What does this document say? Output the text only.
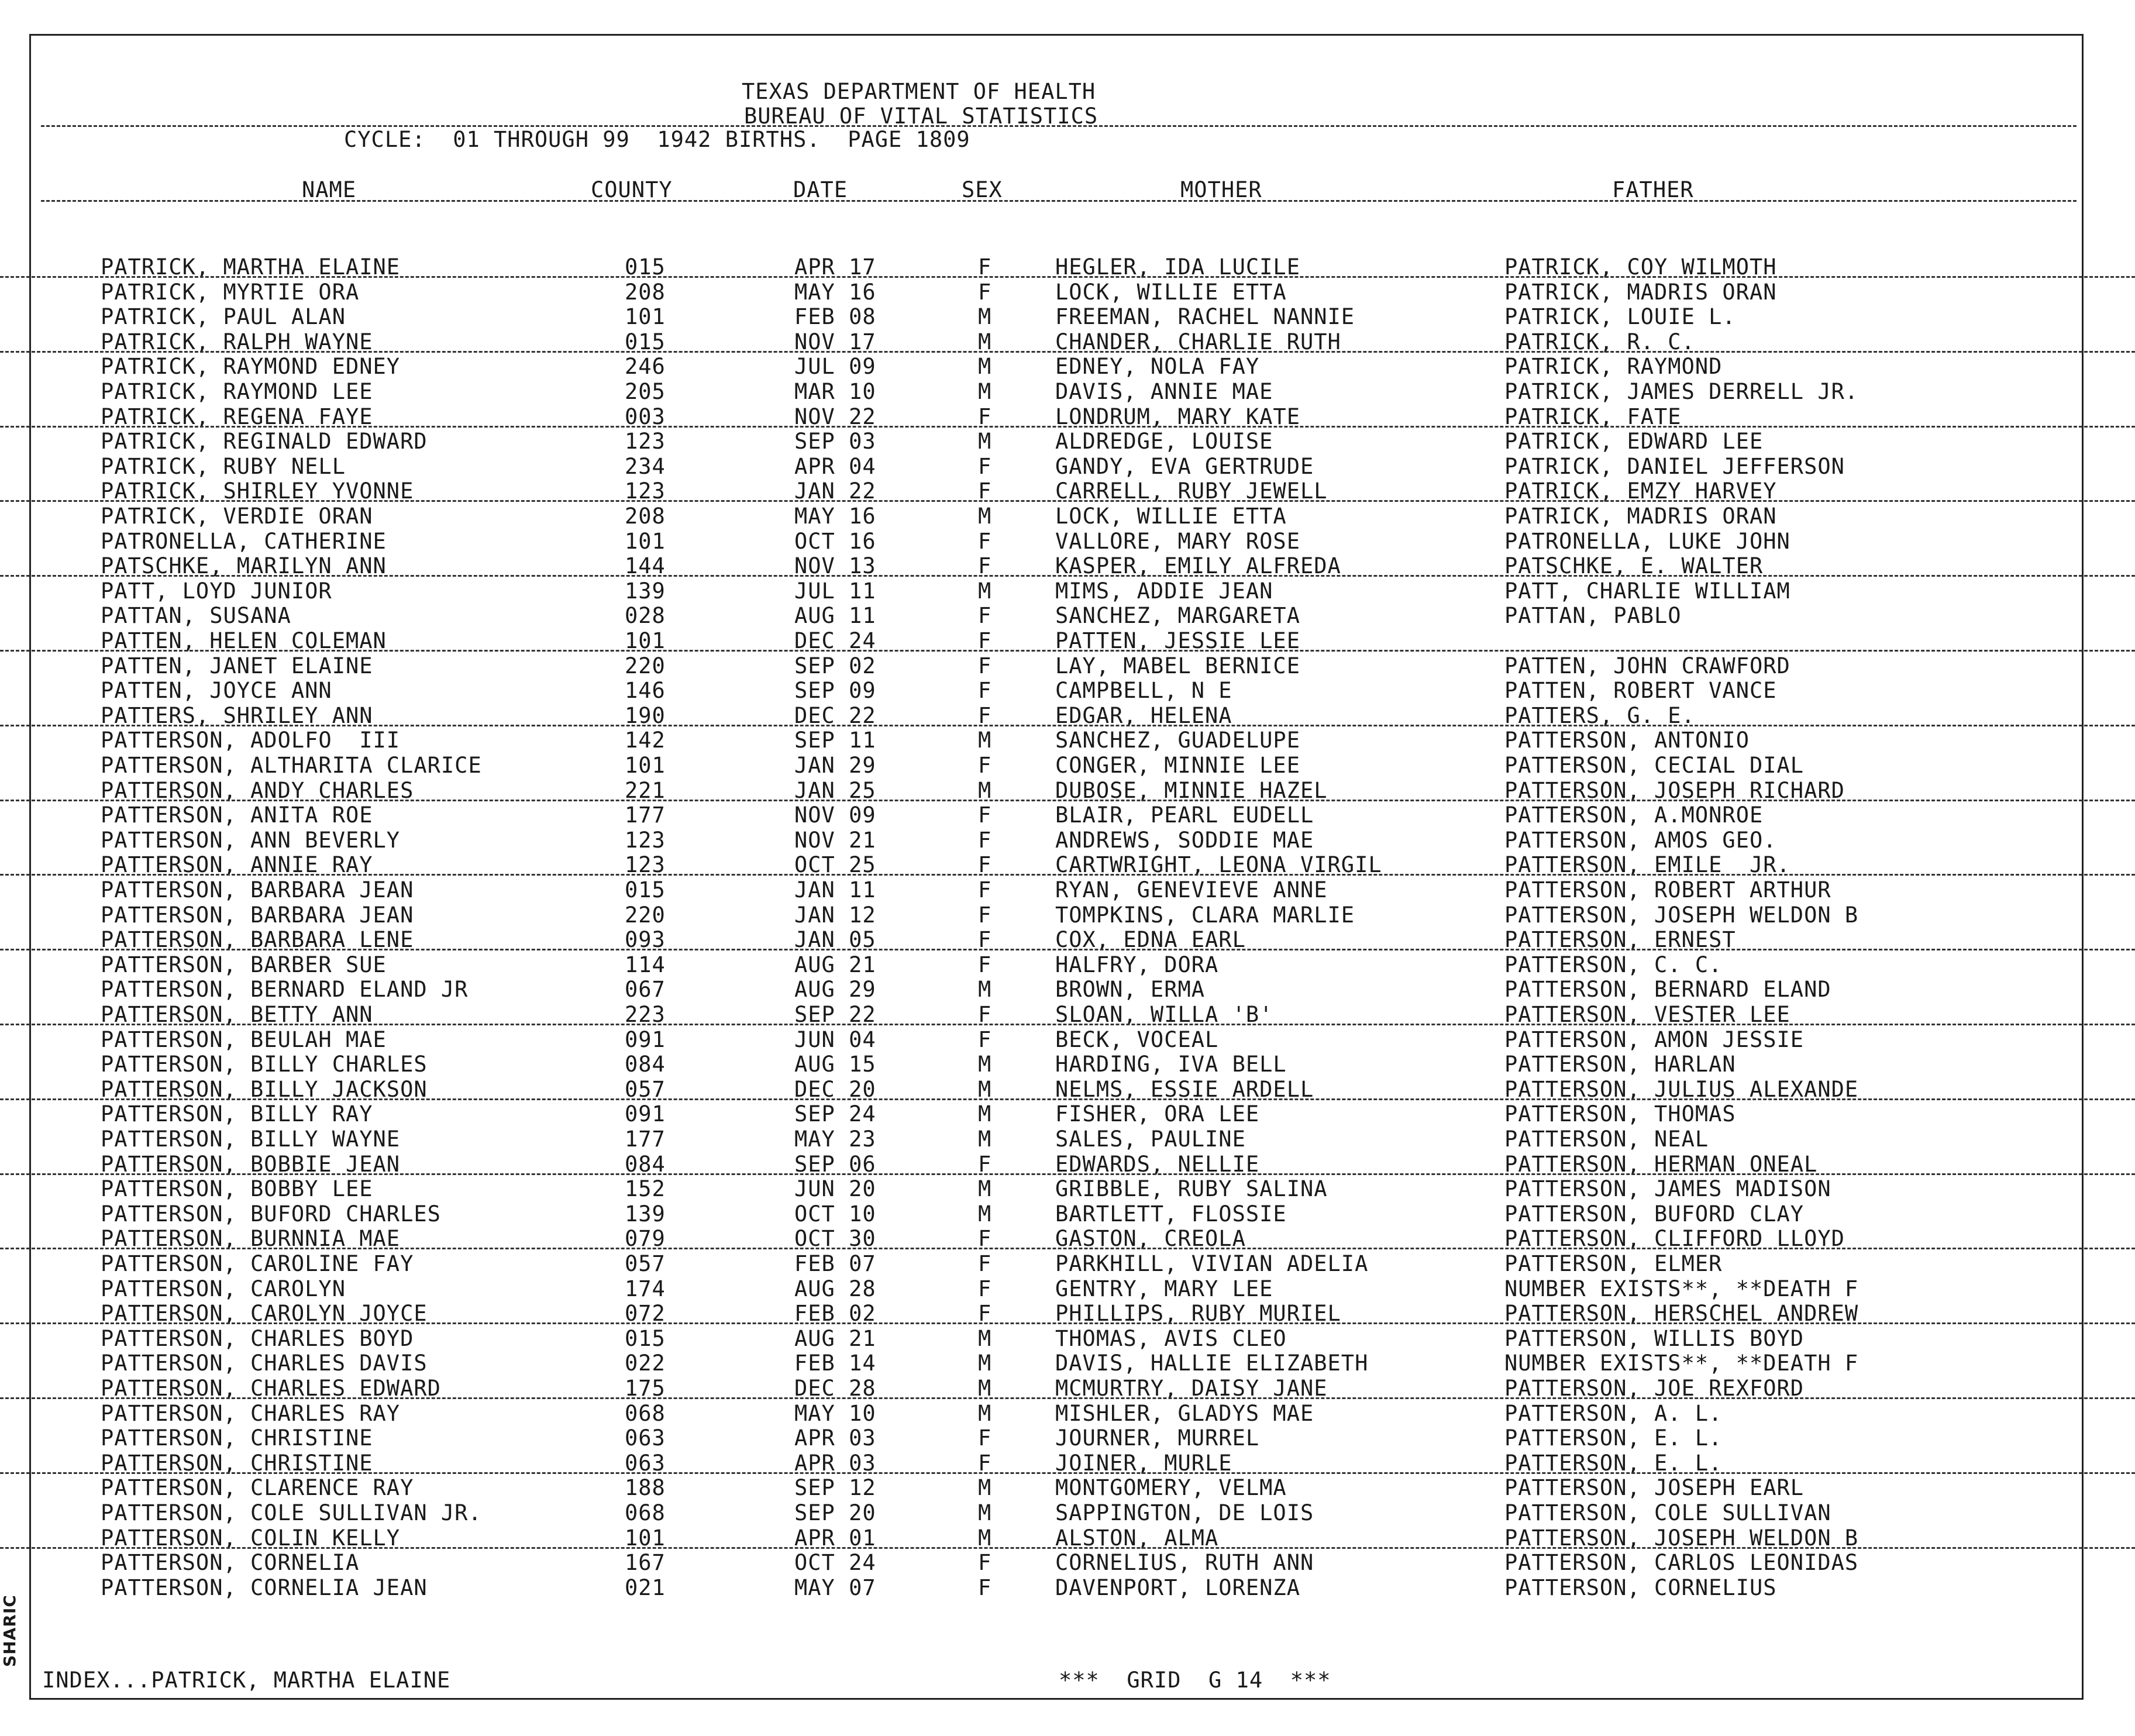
TEXAS DEPARTMENT OF HEALTH
BUREAU OF VITAL STATISTICS
CYCLE:  01 THROUGH 99  1942 BIRTHS.  PAGE 1809
NAME	COUNTY	DATE	SEX	MOTHER	FATHER
PATRICK, MARTHA ELAINE	015	APR 17	F	HEGLER, IDA LUCILE	PATRICK, COY WILMOTH
PATRICK, MYRTIE ORA	208	MAY 16	F	LOCK, WILLIE ETTA	PATRICK, MADRIS ORAN
PATRICK, PAUL ALAN	101	FEB 08	M	FREEMAN, RACHEL NANNIE	PATRICK, LOUIE L.
PATRICK, RALPH WAYNE	015	NOV 17	M	CHANDER, CHARLIE RUTH	PATRICK, R. C.
PATRICK, RAYMOND EDNEY	246	JUL 09	M	EDNEY, NOLA FAY	PATRICK, RAYMOND
PATRICK, RAYMOND LEE	205	MAR 10	M	DAVIS, ANNIE MAE	PATRICK, JAMES DERRELL JR.
PATRICK, REGENA FAYE	003	NOV 22	F	LONDRUM, MARY KATE	PATRICK, FATE
PATRICK, REGINALD EDWARD	123	SEP 03	M	ALDREDGE, LOUISE	PATRICK, EDWARD LEE
PATRICK, RUBY NELL	234	APR 04	F	GANDY, EVA GERTRUDE	PATRICK, DANIEL JEFFERSON
PATRICK, SHIRLEY YVONNE	123	JAN 22	F	CARRELL, RUBY JEWELL	PATRICK, EMZY HARVEY
PATRICK, VERDIE ORAN	208	MAY 16	M	LOCK, WILLIE ETTA	PATRICK, MADRIS ORAN
PATRONELLA, CATHERINE	101	OCT 16	F	VALLORE, MARY ROSE	PATRONELLA, LUKE JOHN
PATSCHKE, MARILYN ANN	144	NOV 13	F	KASPER, EMILY ALFREDA	PATSCHKE, E. WALTER
PATT, LOYD JUNIOR	139	JUL 11	M	MIMS, ADDIE JEAN	PATT, CHARLIE WILLIAM
PATTAN, SUSANA	028	AUG 11	F	SANCHEZ, MARGARETA	PATTAN, PABLO
PATTEN, HELEN COLEMAN	101	DEC 24	F	PATTEN, JESSIE LEE
PATTEN, JANET ELAINE	220	SEP 02	F	LAY, MABEL BERNICE	PATTEN, JOHN CRAWFORD
PATTEN, JOYCE ANN	146	SEP 09	F	CAMPBELL, N E	PATTEN, ROBERT VANCE
PATTERS, SHRILEY ANN	190	DEC 22	F	EDGAR, HELENA	PATTERS, G. E.
PATTERSON, ADOLFO  III	142	SEP 11	M	SANCHEZ, GUADELUPE	PATTERSON, ANTONIO
PATTERSON, ALTHARITA CLARICE	101	JAN 29	F	CONGER, MINNIE LEE	PATTERSON, CECIAL DIAL
PATTERSON, ANDY CHARLES	221	JAN 25	M	DUBOSE, MINNIE HAZEL	PATTERSON, JOSEPH RICHARD
PATTERSON, ANITA ROE	177	NOV 09	F	BLAIR, PEARL EUDELL	PATTERSON, A.MONROE
PATTERSON, ANN BEVERLY	123	NOV 21	F	ANDREWS, SODDIE MAE	PATTERSON, AMOS GEO.
PATTERSON, ANNIE RAY	123	OCT 25	F	CARTWRIGHT, LEONA VIRGIL	PATTERSON, EMILE  JR.
PATTERSON, BARBARA JEAN	015	JAN 11	F	RYAN, GENEVIEVE ANNE	PATTERSON, ROBERT ARTHUR
PATTERSON, BARBARA JEAN	220	JAN 12	F	TOMPKINS, CLARA MARLIE	PATTERSON, JOSEPH WELDON B
PATTERSON, BARBARA LENE	093	JAN 05	F	COX, EDNA EARL	PATTERSON, ERNEST
PATTERSON, BARBER SUE	114	AUG 21	F	HALFRY, DORA	PATTERSON, C. C.
PATTERSON, BERNARD ELAND JR	067	AUG 29	M	BROWN, ERMA	PATTERSON, BERNARD ELAND
PATTERSON, BETTY ANN	223	SEP 22	F	SLOAN, WILLA 'B'	PATTERSON, VESTER LEE
PATTERSON, BEULAH MAE	091	JUN 04	F	BECK, VOCEAL	PATTERSON, AMON JESSIE
PATTERSON, BILLY CHARLES	084	AUG 15	M	HARDING, IVA BELL	PATTERSON, HARLAN
PATTERSON, BILLY JACKSON	057	DEC 20	M	NELMS, ESSIE ARDELL	PATTERSON, JULIUS ALEXANDE
PATTERSON, BILLY RAY	091	SEP 24	M	FISHER, ORA LEE	PATTERSON, THOMAS
PATTERSON, BILLY WAYNE	177	MAY 23	M	SALES, PAULINE	PATTERSON, NEAL
PATTERSON, BOBBIE JEAN	084	SEP 06	F	EDWARDS, NELLIE	PATTERSON, HERMAN ONEAL
PATTERSON, BOBBY LEE	152	JUN 20	M	GRIBBLE, RUBY SALINA	PATTERSON, JAMES MADISON
PATTERSON, BUFORD CHARLES	139	OCT 10	M	BARTLETT, FLOSSIE	PATTERSON, BUFORD CLAY
PATTERSON, BURNNIA MAE	079	OCT 30	F	GASTON, CREOLA	PATTERSON, CLIFFORD LLOYD
PATTERSON, CAROLINE FAY	057	FEB 07	F	PARKHILL, VIVIAN ADELIA	PATTERSON, ELMER
PATTERSON, CAROLYN	174	AUG 28	F	GENTRY, MARY LEE	NUMBER EXISTS**, **DEATH F
PATTERSON, CAROLYN JOYCE	072	FEB 02	F	PHILLIPS, RUBY MURIEL	PATTERSON, HERSCHEL ANDREW
PATTERSON, CHARLES BOYD	015	AUG 21	M	THOMAS, AVIS CLEO	PATTERSON, WILLIS BOYD
PATTERSON, CHARLES DAVIS	022	FEB 14	M	DAVIS, HALLIE ELIZABETH	NUMBER EXISTS**, **DEATH F
PATTERSON, CHARLES EDWARD	175	DEC 28	M	MCMURTRY, DAISY JANE	PATTERSON, JOE REXFORD
PATTERSON, CHARLES RAY	068	MAY 10	M	MISHLER, GLADYS MAE	PATTERSON, A. L.
PATTERSON, CHRISTINE	063	APR 03	F	JOURNER, MURREL	PATTERSON, E. L.
PATTERSON, CHRISTINE	063	APR 03	F	JOINER, MURLE	PATTERSON, E. L.
PATTERSON, CLARENCE RAY	188	SEP 12	M	MONTGOMERY, VELMA	PATTERSON, JOSEPH EARL
PATTERSON, COLE SULLIVAN JR.	068	SEP 20	M	SAPPINGTON, DE LOIS	PATTERSON, COLE SULLIVAN
PATTERSON, COLIN KELLY	101	APR 01	M	ALSTON, ALMA	PATTERSON, JOSEPH WELDON B
PATTERSON, CORNELIA	167	OCT 24	F	CORNELIUS, RUTH ANN	PATTERSON, CARLOS LEONIDAS
PATTERSON, CORNELIA JEAN	021	MAY 07	F	DAVENPORT, LORENZA	PATTERSON, CORNELIUS
INDEX...PATRICK, MARTHA ELAINE	***  GRID  G 14  ***
SHARIC
